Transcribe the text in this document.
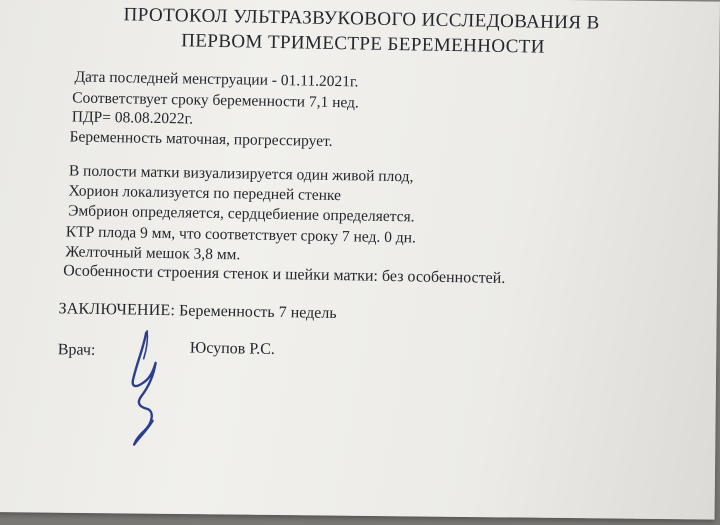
ПРОТОКОЛ УЛЬТРАЗВУКОВОГО ИССЛЕДОВАНИЯ В
ПЕРВОМ ТРИМЕСТРЕ БЕРЕМЕННОСТИ
Дата последней менструации - 01.11.2021г.
Соответствует сроку беременности 7,1 нед.
ПДР= 08.08.2022г.
Беременность маточная, прогрессирует.
В полости матки визуализируется один живой плод,
Хорион локализуется по передней стенке
Эмбрион определяется, сердцебиение определяется.
КТР плода 9 мм, что соответствует сроку 7 нед. 0 дн.
Желточный мешок 3,8 мм.
Особенности строения стенок и шейки матки: без особенностей.
ЗАКЛЮЧЕНИЕ: Беременность 7 недель
Врач:	Юсупов Р.С.
